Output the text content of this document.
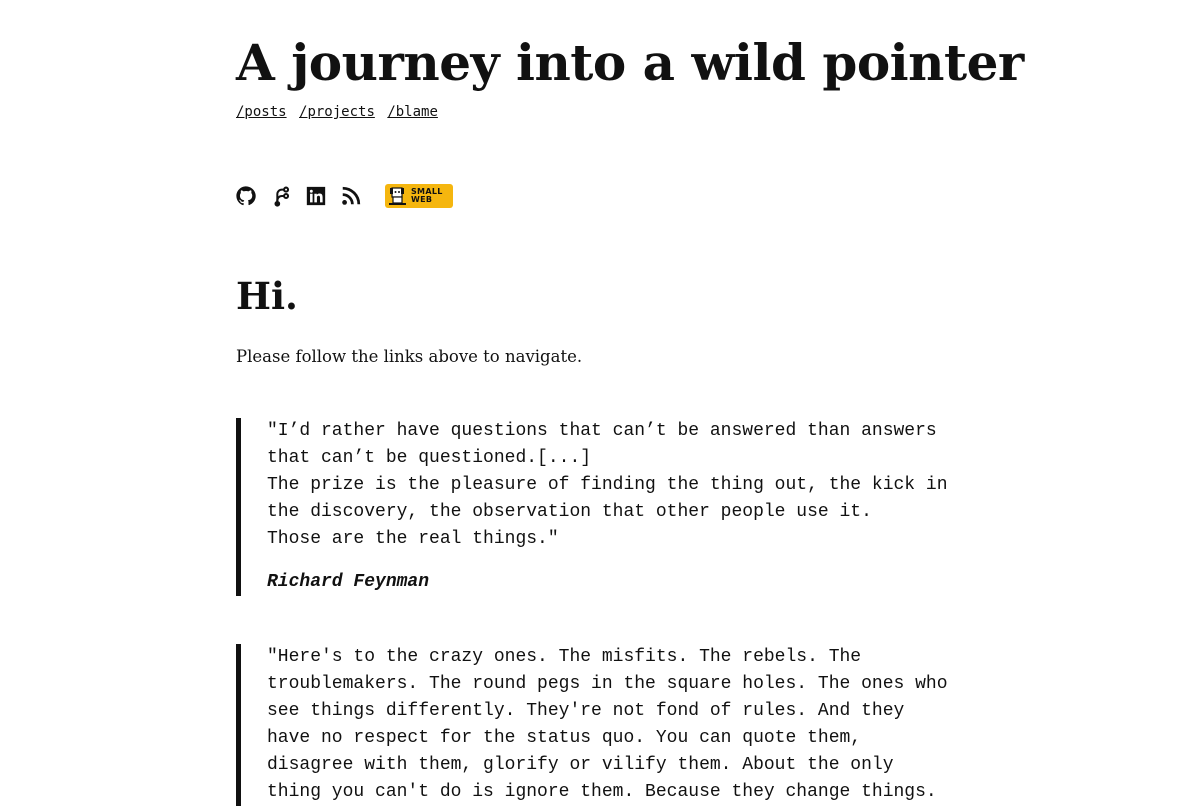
A journey into a wild pointer
/posts /projects /blame
SMALL
WEB
Hi.

Please follow the links above to navigate.

"I’d rather have questions that can’t be answered than answers

that can’t be questioned.[...]

The prize is the pleasure of finding the thing out, the kick in

the discovery, the observation that other people use it.

Those are the real things."

Richard Feynman

"Here's to the crazy ones. The misfits. The rebels. The

troublemakers. The round pegs in the square holes. The ones who

see things differently. They're not fond of rules. And they

have no respect for the status quo. You can quote them,

disagree with them, glorify or vilify them. About the only

thing you can't do is ignore them. Because they change things.
